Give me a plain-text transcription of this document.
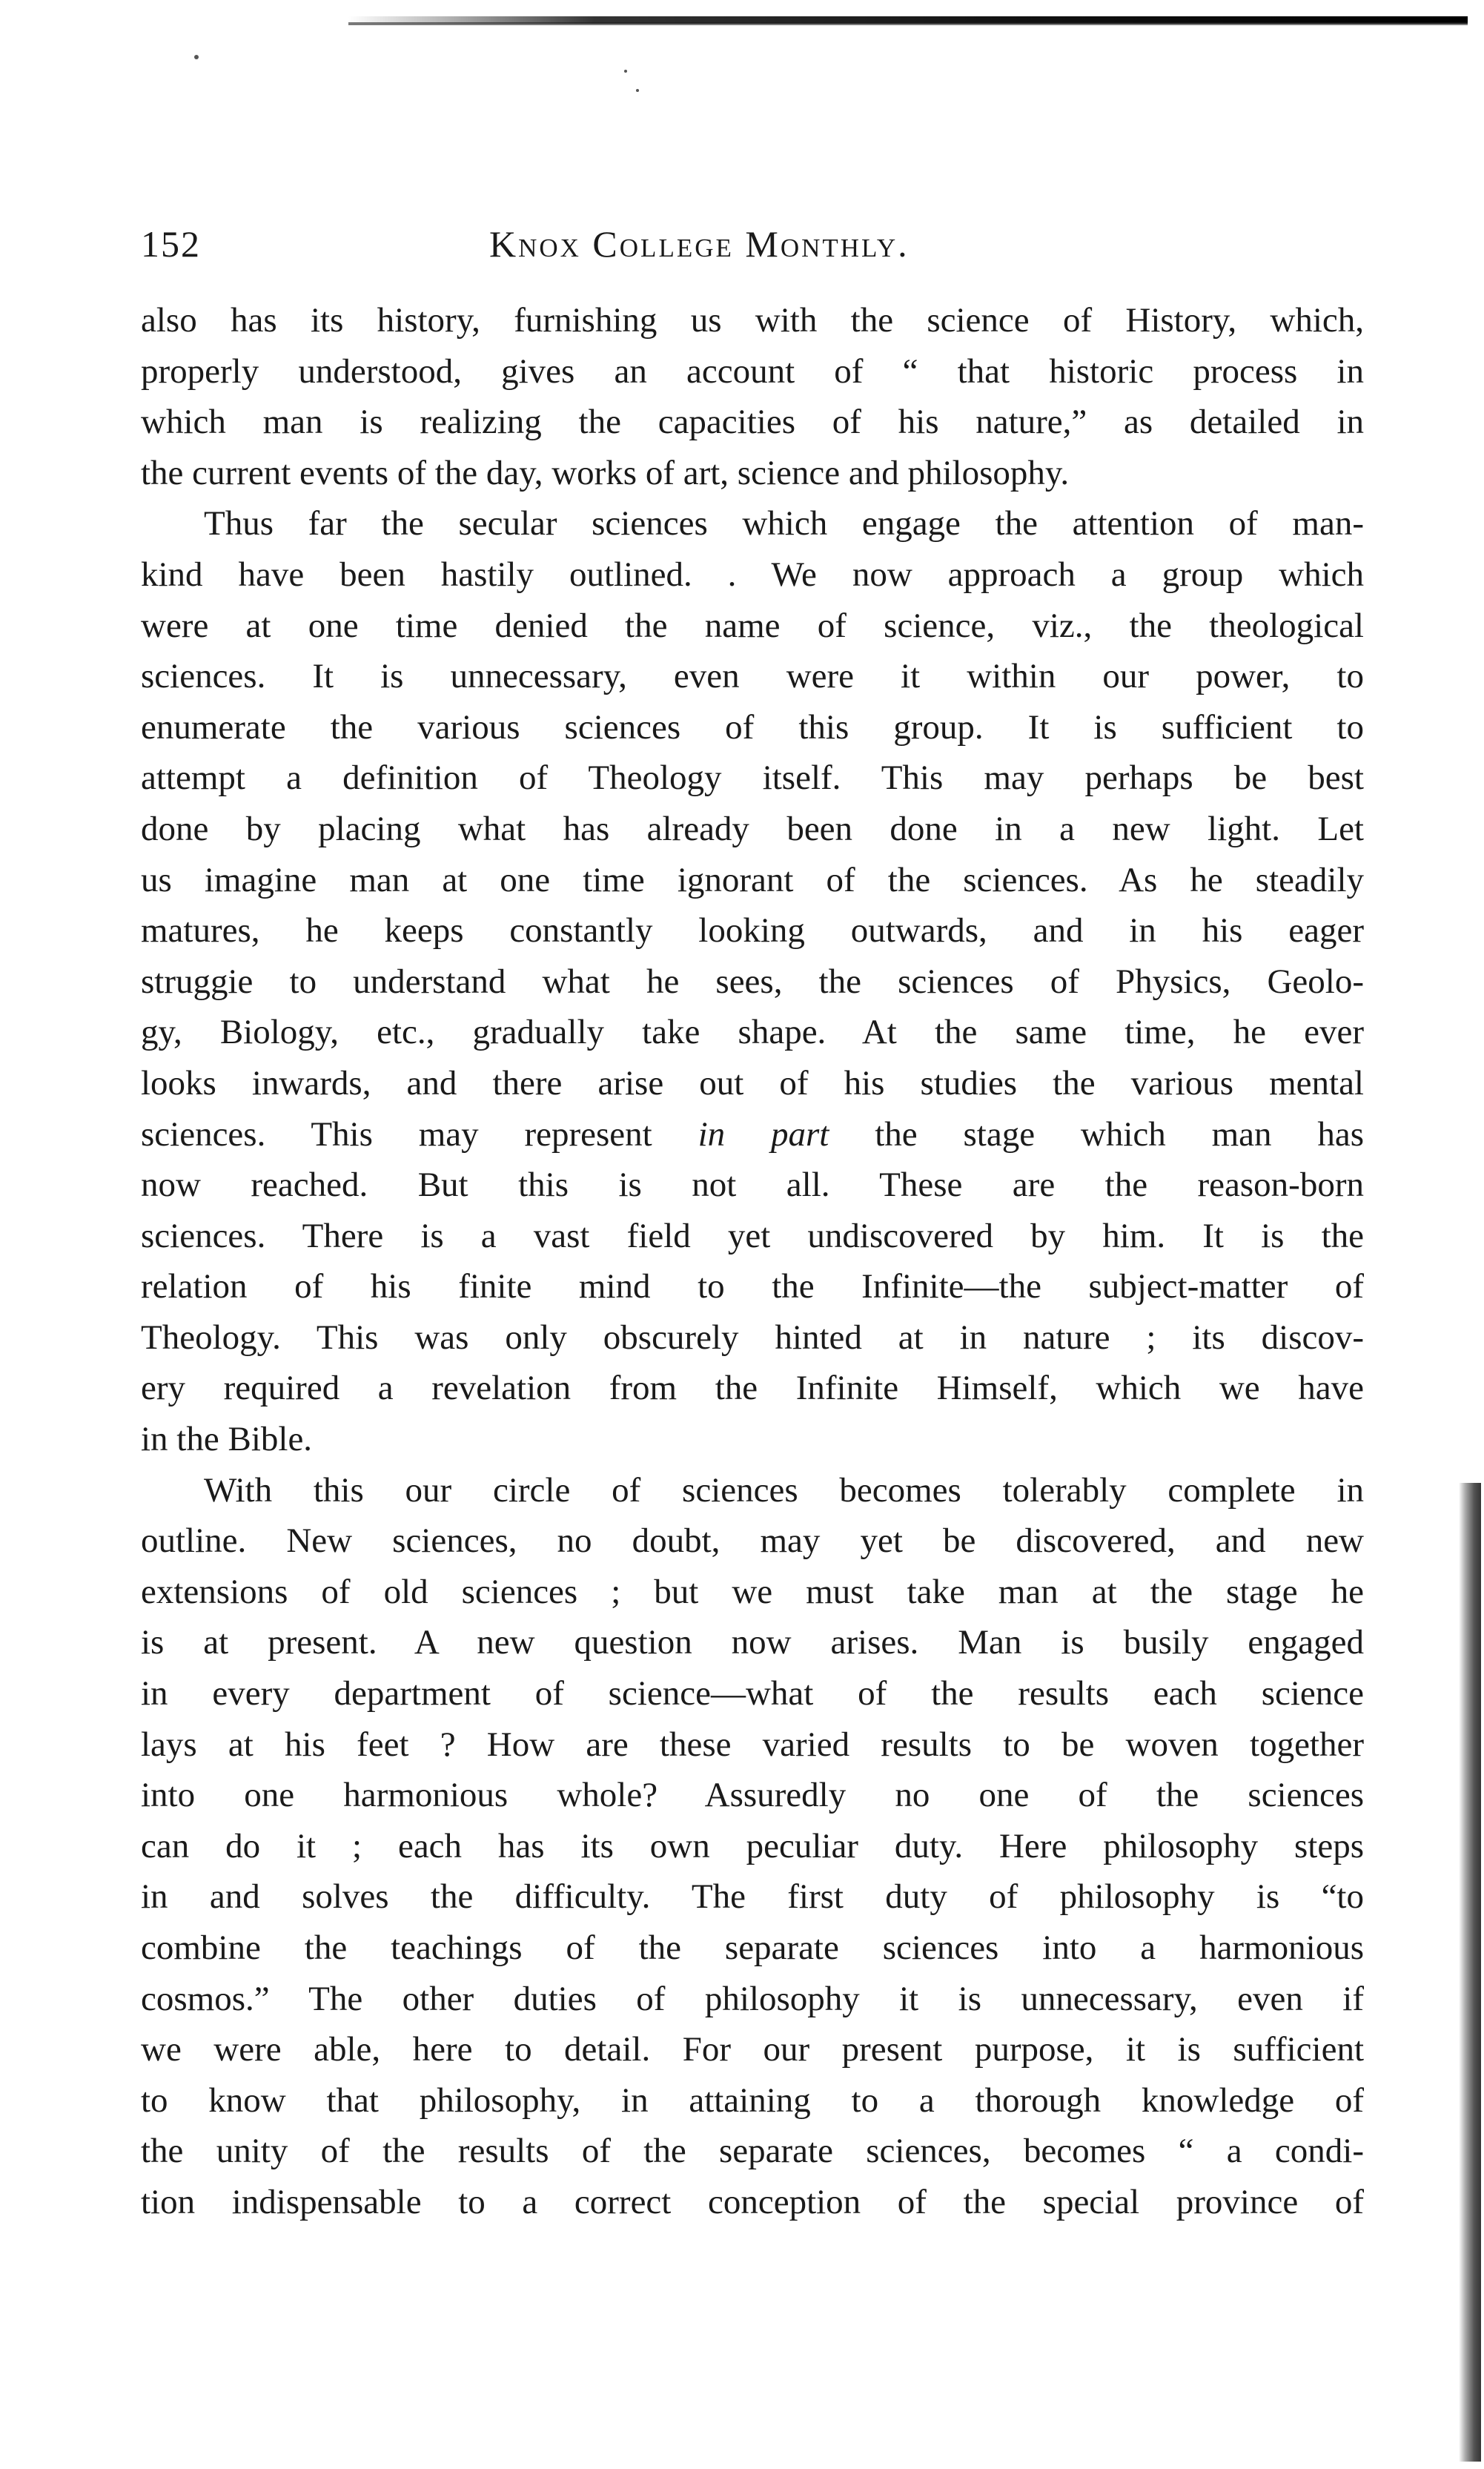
152	Knox College Monthly.
also has its history, furnishing us with the science of History, which,
properly understood, gives an account of “ that historic process in
which man is realizing the capacities of his nature,” as detailed in
the current events of the day, works of art, science and philosophy.
Thus far the secular sciences which engage the attention of man-
kind have been hastily outlined. . We now approach a group which
were at one time denied the name of science, viz., the theological
sciences. It is unnecessary, even were it within our power, to
enumerate the various sciences of this group. It is sufficient to
attempt a definition of Theology itself. This may perhaps be best
done by placing what has already been done in a new light. Let
us imagine man at one time ignorant of the sciences. As he steadily
matures, he keeps constantly looking outwards, and in his eager
struggie to understand what he sees, the sciences of Physics, Geolo-
gy, Biology, etc., gradually take shape. At the same time, he ever
looks inwards, and there arise out of his studies the various mental
sciences. This may represent in part the stage which man has
now reached. But this is not all. These are the reason-born
sciences. There is a vast field yet undiscovered by him. It is the
relation of his finite mind to the Infinite—the subject-matter of
Theology. This was only obscurely hinted at in nature ; its discov-
ery required a revelation from the Infinite Himself, which we have
in the Bible.
With this our circle of sciences becomes tolerably complete in
outline. New sciences, no doubt, may yet be discovered, and new
extensions of old sciences ; but we must take man at the stage he
is at present. A new question now arises. Man is busily engaged
in every department of science—what of the results each science
lays at his feet ? How are these varied results to be woven together
into one harmonious whole? Assuredly no one of the sciences
can do it ; each has its own peculiar duty. Here philosophy steps
in and solves the difficulty. The first duty of philosophy is “to
combine the teachings of the separate sciences into a harmonious
cosmos.” The other duties of philosophy it is unnecessary, even if
we were able, here to detail. For our present purpose, it is sufficient
to know that philosophy, in attaining to a thorough knowledge of
the unity of the results of the separate sciences, becomes “ a condi-
tion indispensable to a correct conception of the special province of
